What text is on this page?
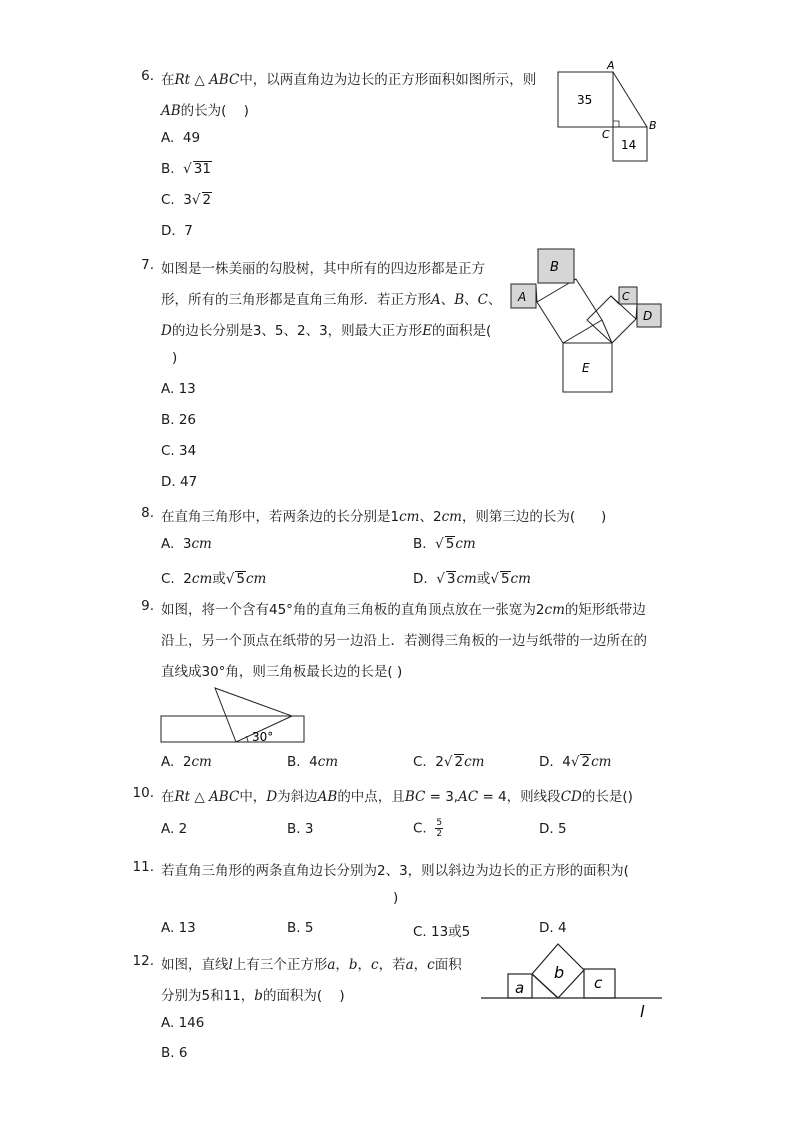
6. 在Rt △ ABC中，以两直角边为边长的正方形面积如图所示，则
AB的长为(    )
A.  49
B.  √ 31
C.  3√ 2
D.  7
35
14
A
B
C
7. 如图是一株美丽的勾股树，其中所有的四边形都是正方
形，所有的三角形都是直角三角形．若正方形A、B、C、
D的边长分别是3、5、2、3，则最大正方形E的面积是(
)
A. 13
B. 26
C. 34
D. 47
A
B
C
D
E
8. 在直角三角形中，若两条边的长分别是1cm、2cm，则第三边的长为(      )
A.  3cm	B.  √ 5cm
C.  2cm或√ 5cm	D.  √ 3cm或√ 5cm
9. 如图，将一个含有45°角的直角三角板的直角顶点放在一张宽为2cm的矩形纸带边
沿上，另一个顶点在纸带的另一边沿上．若测得三角板的一边与纸带的一边所在的
直线成30°角，则三角板最长边的长是( )
30°
A.  2cm	B.  4cm	C.  2√ 2cm	D.  4√ 2cm
10. 在Rt △ ABC中，D为斜边AB的中点，且BC = 3,AC = 4，则线段CD的长是()
A. 2	B. 3	C. $\frac{5}{2}$	D. 5
11. 若直角三角形的两条直角边长分别为2、3，则以斜边为边长的正方形的面积为(
)
A. 13	B. 5	C. 13或5	D. 4
12. 如图，直线l上有三个正方形a，b，c，若a，c面积
分别为5和11，b的面积为(    )
A. 146
B. 6
a
b
c
l
